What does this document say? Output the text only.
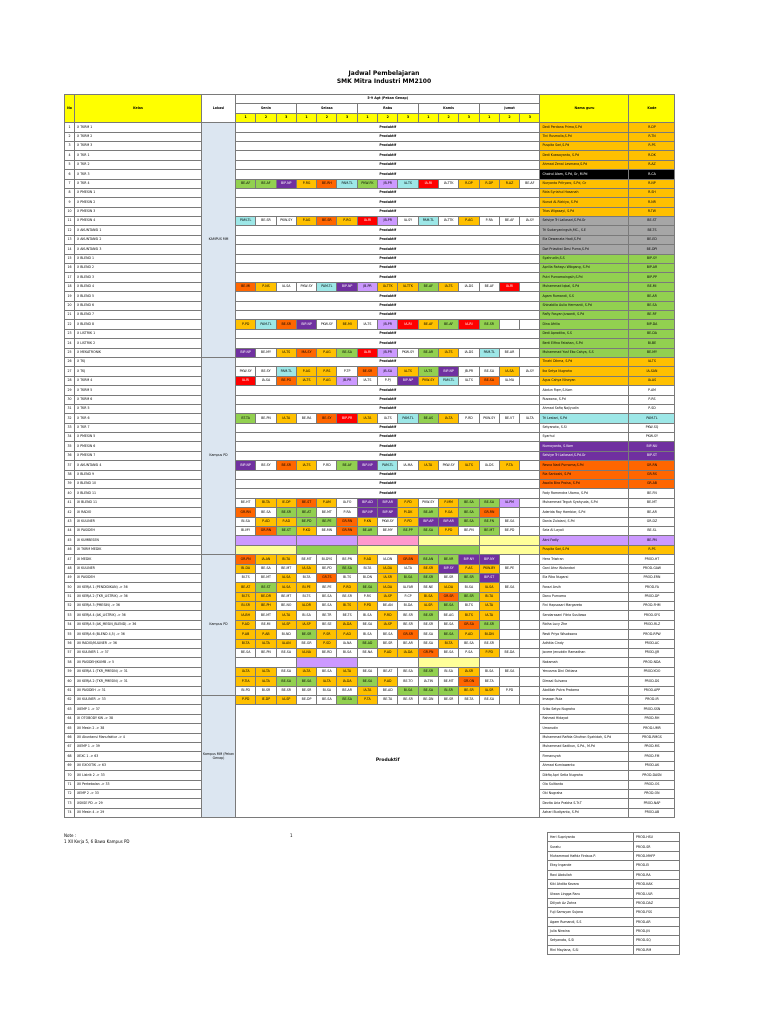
Jadwal Pembelajaran
SMK Mitra Industri MM2100
No	Kelas	Lokasi	5-9 Agt (Pekan Genap)															Nama guru	Kode
			Senin			Selasa			Rabu			Kamis			Jumat				
			1	2	3	1	2	3	1	2	3	1	2	3	1	2	3		
1	X TKRM 1	KAMPUS MM	Produktif															Dedi Perdana Prima,S.Pd	R-DP
2	X TKRM 2		Produktif															Tini Rusmalia,S.Pd	R-TN
3	X TKRM 3		Produktif															Puspita Sari,S.Pd	R-PS
4	X TKR 1		Produktif															Dedi Kuswoyanto, S.Pd	R-DK
5	X TKR 2		Produktif															Ahmad Zenal Lesmana,S.Pd	R-AZ
6	X TKR 3		Produktif															Choirul Alam, S.Pd, Gr, M.Pd	R-CA
7	X TKR 4		BE-AF	BE-AF	BIP-NP	P-RG	BE-RH	PAM-TL	PKW-FK	JB-PR	IA-TS	IA-RI	IA-TTK	R-DP	R-DP	R-AZ	BE-AF	Nuryanto Prihyoro, S.Pd, Gr	R-NP
8	X PMESIN 1		Produktif															Rida Syriahul Hasanah	R-SH
9	X PMESIN 2		Produktif															Nurud Al-Rizkiyo, S.Pd	R-NR
10	X PMESIN 3		Produktif															Trias Wigasayi, S.Pd	R-TW
11	X PMESIN 4		PAM-TL	BE-SR	PKW-SY	P-AG	BE-SR	P-RG	IA-RI	JB-PR	IA-SY	PAM-TL	IA-TTK	P-AG	P-RA	BE-AF	IA-SY	Selviye Tri Lailasari,S.Pd.Gr	BE-ST
12	X AKUNTANSI 1		Produktif															Tri Sudaryaningsih,MC., S.E	BE-TS
13	X AKUNTANSI 2		Produktif															Ela Dewanata Hadi,S.Pd	BE-ED
14	X AKUNTANSI 3		Produktif															Dwi Priastiwi Desi Purna,S.Pd	BE-DPI
15	X BLEND 1		Produktif															Syahrudin,S.S	BIP-SY
16	X BLEND 2		Produktif															Aprilia Rahayu Wibgang, S.Pd	BIP-AR
17	X BLEND 3		Produktif															Putri Purnamaingsih,S.Pd	BIP-PP
18	X BLEND 4		BE-MI	P-NS	IA-SA	PKW-SY	PAM-TL	BIP-NP	JB-PR	IA-TTK	IA-TTK	BE-AF	IA-TS	IA-DS	BE-AF	IA-RI		Muhammad Iqbal, S.Pd	BE-MI
19	X BLEND 5		Produktif															Agam Rumandi, S.S	BE-AR
20	X BLEND 6		Produktif															Shinabilla Aulia Hermanti, S.Pd	BE-SA
21	X BLEND 7		Produktif															Rafly Fasyan Juwanti, S.Pd	BE-RF
22	X BLEND 8		P-PD	PAM-TL	BE-SR	BIP-NP	PKW-SY	BE-MI	IA-TS	JB-PR	IA-RI	BE-AF	BE-AF	IA-RI	BE-SR			Dina Afrilia	BIP-DA
23	X LISTRIK 1		Produktif															Dedi Aprodika, S.S	BE-DA
24	X LISTRIK 2		Produktif															Berti Elfina Fatahan, S.Pd	BI-BE
25	X MEKATRONIK		BIP-NP	BE-MY	IA-TS	MA-SY	P-AG	BE-SA	IA-RI	JB-PR	PKW-SY	BE-AR	IA-TS	IA-DS	PAM-TL	BE-AR		Muhammad Yusf Eko Cahya, S.S	BE-MY
26	X TKJ	Kampus PD	Produktif															Tinahi Dikma, S.Pd	IA-TS
27	X TKJ		PKW-SY	BE-SY	PAM-TL	P-AG	P-RS	P-TP	BE-SR	JB-SA	IA-TS	IA-TS	BIP-NP	JB-PR	BE-SA	IA-SA	IA-SY	Ika Setya Nugraha	IA-SAN
28	X TKRM 4		IA-RI	IA-SA	BE-PG	IA-TS	P-AG	JB-PR	IA-TS	P-PJ	BIP-NP	PKW-SY	PAM-TL	IA-TS	BE-SA	IA-MA		Agus Cahya Nirwyan	IA-AS
29	X TKRM 5		Produktif															Abdun Fiqm,S.Kom	P-AM
30	X TKRM 6		Produktif															Ruswono, S.Pd	P-RS
31	X TKR 5		Produktif															Ahmad Safiq Najiyudin	P-SD
32	X TKR 6		BT-TA	BE-PN	IA-TA	BE-RA	BE-SY	BIP-PR	IA-TA	IA-TS	PAM-TL	BE-AS	IA-TA	P-RD	PKW-SY	BE-VT	IA-TA	Tri Lestari, S.Pd	PAM-TL
33	X TKR 7		Produktif															Setyanoto, S.Si	PKW-SQ
34	X PMESIN 5		Produktif															Syarhul	PKW-SY
35	X PMESIN 6		Produktif															Nurnoyanto, S.Kom	BIP-NU
36	X PMESIN 7		Produktif															Selviye Tri Lailasari,S.Pd.Gr	BIP-ST
37	X AKUNTANSI 4		BIP-NP	BE-SY	BE-SR	IA-TS	P-RD	BE-AF	BIP-NP	PAM-TL	IA-MA	IA-TA	PKW-SY	IA-TS	IA-DS	P-TA		Resna Nadi Purnoma,S.Pd	GR-RN
38	X BLEND 9		Produktif															Ria Santoshi, S.Pd	GR-RS
39	X BLEND 10		Produktif															Awalia Bira Proisa, S.Pd	GR-AB
40	X BLEND 11		Produktif															Fady Ramendra Utomo, S.Pd	BE-FN
41	XI BLEND 11		BE-HT	BI-TA	IE-DP	BE-ST	P-AM	IA-FO	BIP-AD	BIP-AR	P-PD	PKW-SY	P-MM	BE-SA	BE-SA	IA-PM		Muhammad Teguh Syahyuda, S.Pd	BE-MT
42	XI RADIO		GR-RN	BE-SA	BE-SR	BE-AT	BE-MT	P-RA	BIP-NP	BIP-NP	PI-DK	BE-AR	P-GA	BE-SA	GR-RN			Aderida Ray Hambiar, S.Pd	BE-AR
43	XI KULINER		BI-SA	P-AD	P-AD	BE-PD	BE-PE	GR-RN	P-KN	PKW-SY	P-PD	BIP-AP	BIP-AR	BE-SA	BE-FN	BE-SA		Dania Zulaiani, S.Pd	GR-DZ
44	XI PASIDEH		BI-MY	GR-RN	BE-ST	P-KD	BE-MN	GR-RN	BE-AR	BE-MY	BE-PP	BE-SA	P-PD	BE-PN	BE-MT	BE-PD		Sela Al Layali	BE-SL
45	XI KUMBESEN																	Akni Fadly	BE-PN
46	XI TKRM MEDIK																	Puspita Sari,S.Pd	R-PS
47	XI MEDIK	Kampus PD	GR-PN	IA-AN	BI-TA	BE-MT	BI-DYS	BE-PN	P-AD	IA-DN	GR-BN	BE-AN	BE-VR	BIP-NY	BIP-NY			Hera Triwiran	PROD-HT
48	XI KULINER		BI-DA	BE-SA	BE-MT	IA-SA	BE-PD	BE-SA	BI-TA	IA-DA	IA-TA	BE-SR	BIP-SY	P-AS	PKW-BY	BE-PE		Gani Ahsr Wulandari	PROD-GAW
49	XI PASIDEH		BI-TS	BE-MT	IA-SA	BI-TA	GR-TS	BI-TS	BI-DN	IA-SR	BI-SA	BE-SR	BE-SR	BE-SR	BIP-ST			Ela Riko Nugarsi	PROD-ERN
50	XII KERJA 1 (PENDIDIKAN) -> 36		BE-AT	BE-ST	IA-SA	BI-PE	BE-PE	P-RD	BE-SA	IA-DA	IA-FAR	BE-NE	IA-DA	BI-SA	IA-SA	BE-SA		Farazi Arsih	PROD-FA
51	XII KERJA 2 (TKR_LISTRIK) -> 36		BI-TS	BE-DR	BE-MT	BI-TS	BE-SA	BE-SR	P-RS	IA-SP	P-CP	BI-SA	GR-SR	BE-SR	BI-TA			Danu Purnomo	PROD-DP
52	XII KERJA 3 (PMESIN) -> 36		BI-SR	BE-PH	BE-NO	IA-DR	BE-SA	BI-TS	P-PD	BE-AN	BI-DA	IA-SR	BE-SA	BI-TS	IA-TA			Fini Hapsasari Margareta	PROD-FHM
53	XII KERJA 4 (AK_LISTRIK) -> 36		IA-BH	BE-MT	IA-TA	BI-SA	BE-TR	BE-TS	BI-SA	P-RD	BE-SR	BE-SR	BE-AG	BI-TS	IA-TA			Sendarasani Fitria Susilowa	PROD-SFS
54	XII KERJA 5 (AK_MESIN_BLEND) -> 36		P-AD	BE-MI	IA-SP	IA-SP	BE-SE	IA-DA	BE-SA	IA-SP	BE-SR	BE-SR	BE-SA	GR-SA	BE-SR			Ridha Lucy Zhe	PROD-RLZ
55	XII KERJA 6 (BLEND 4,5) -> 36		P-AB	P-AB	BI-ND	BE-SR	P-SR	P-AD	BI-SA	BE-SA	GR-SR	BE-SA	BE-SA	P-AD	BI-DN			Resti Priyo Wisoksono	PROD-RPW
56	XII RADIO/KULINER -> 36		BI-TA	IA-TA	IA-AN	BE-GR	P-SD	IA-NA	BE-AD	BE-SR	BE-AR	BE-SA	BI-TA	BE-SA	BE-SR			Adhitia Cindy	PROD-AC
57	XII KULINER 1 -> 37		BE-SA	BE-PN	BE-SA	IA-NA	BE-RD	BI-SA	BE-NA	P-AD	IA-DA	GR-PN	BE-SA	P-SA	P-PD	BE-DA		Jocere Jenuddin Ramadhan	PROD-JJR
58	XII PASIDEH/KUMB -> 5																	Nakamah	PROD-NDA
59	XII KERJA 1 (TKR_PMESIN) -> 31		IA-TA	IA-TA	BE-SA	IA-TA	BE-SA	IA-TA	BE-SA	BE-AT	BE-SA	BE-SR	BI-SA	IA-SR	BI-SA	BE-SA		Yenusma Dini Oktiana	PROD-YDO
60	XII KERJA 2 (TKR_PMESIN) -> 31		P-TIA	IA-TA	BE-SA	BE-SA	IA-TA	IA-DA	BE-SA	P-AD	BE-TO	IA-TIN	BE-MT	GR-ON	BE-TA			Dimsal Sulvano	PROD-DS
61	XII PASIDEH -> 31		BI-PD	BI-SR	BE-SR	BE-SR	BI-SA	BE-AR	IA-TA	BE-AD	BI-SA	BE-SA	BI-SR	BE-SR	IA-SR	P-PD		Abdillah Putra Pratama	PROD-APP
62	XII KULINER -> 33	Kampus MM (Pekan Genap)	P-PD	IE-DP	IA-SP	BE-DP	BE-SA	BE-SA	P-TA	BE-TA	BE-SR	BE-DN	BE-SR	BE-TA	BE-SA			Imaqon Rula	PROD-IR
63	XIEMP 1 -> 37		Produktif															Sriko Setyo Nugroho	PROD-SSN
64	XI OTOBODY KW -> 38																	Rahmat Hidayat	PROD-RH
65	XII Mesin 2 -> 38																	Umarudin	PROD-UMR
66	XII Akuntansi Manufaktur -> 4																	Muhammad Rafida Ghufron Syahidah, S.Pd	PROD-RMGS
67	XIEMP 1 -> 39																	Muhammad Sadikun, S.Pd., M.Pd	PROD-MS
68	XEXC 1 -> 63																	Firmansyah	PROD-FM
69	XII EXOOTIK -> 63																	Ahmad Kurniawanto	PROD-AK
70	XII Listrik 2 -> 33																	Dikfiq Apri Setia Nugraha	PROD-DASN
71	XII Perkebalan -> 33																	Ola Sulitanto	PROD-OS
72	XEMP 2 -> 33																	Oki Nugraha	PROD-ON
73	XSKSE PD -> 29																	Devita Aria Prabha S.Tr.T	PROD-NAP
74	XII Mesin 4 -> 29																	Azhari Budiyanto, S.Pd	PROD-AB
Note :
1 XII Kerja 5, 6 Bawa Kampus PD
1	Heri Supriyanto	PROD-HSU
Suratu	PROD-SR
Muhammad Hafidz Firdaus P.	PROD-MHFP
Eksy Ingande	PROD-EI
Ravi Abdullah	PROD-RA
Kiki Ahdita Kezara	PROD-KAK
Ulwan Lingga Raru	PROD-ULR
Dillyah Az Zahra	PROD-DAZ
Fuji Samsyan Sujana	PROD-FSS
Agam Rumandi, S.S	PROD-AR
Julia Nirwina	PROD-JN
Setyanoto, S.Si	PROD-SQ
Rini Maylana, S.Si	PROD-RM
